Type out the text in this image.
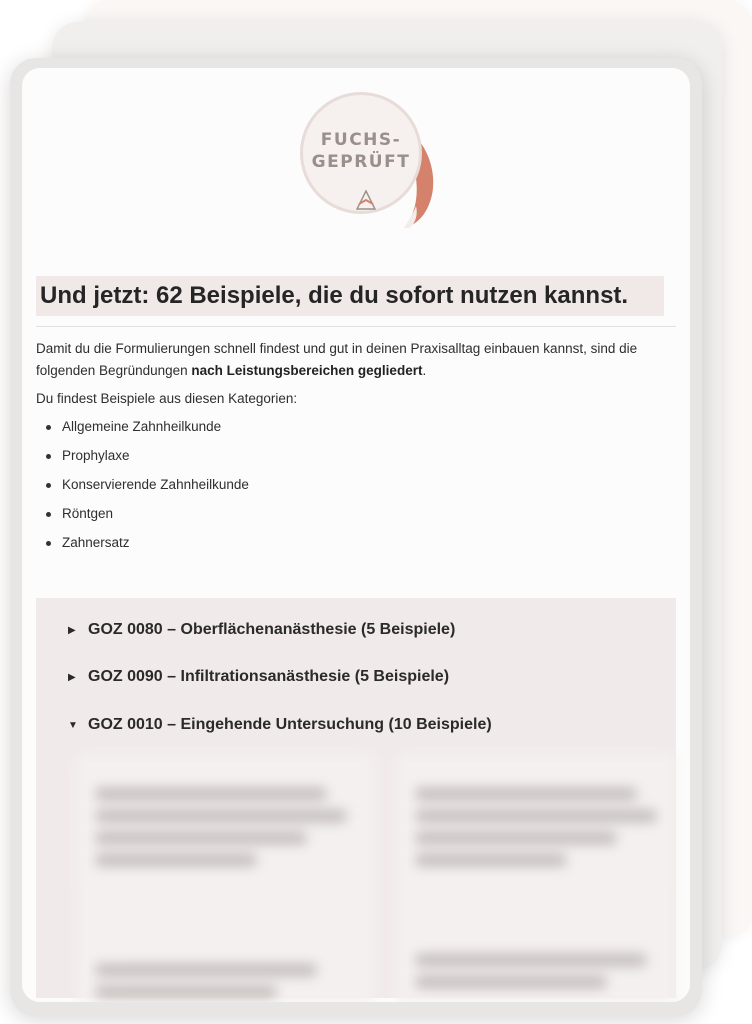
FUCHS-
GEPRÜFT
Und jetzt: 62 Beispiele, die du sofort nutzen kannst.

Damit du die Formulierungen schnell findest und gut in deinen Praxisalltag einbauen kannst, sind die folgenden Begründungen nach Leistungsbereichen gegliedert.

Du findest Beispiele aus diesen Kategorien:

Allgemeine Zahnheilkunde
Prophylaxe
Konservierende Zahnheilkunde
Röntgen
Zahnersatz
▶ GOZ 0080 – Oberflächenanästhesie (5 Beispiele)
▶ GOZ 0090 – Infiltrationsanästhesie (5 Beispiele)
▼ GOZ 0010 – Eingehende Untersuchung (10 Beispiele)
